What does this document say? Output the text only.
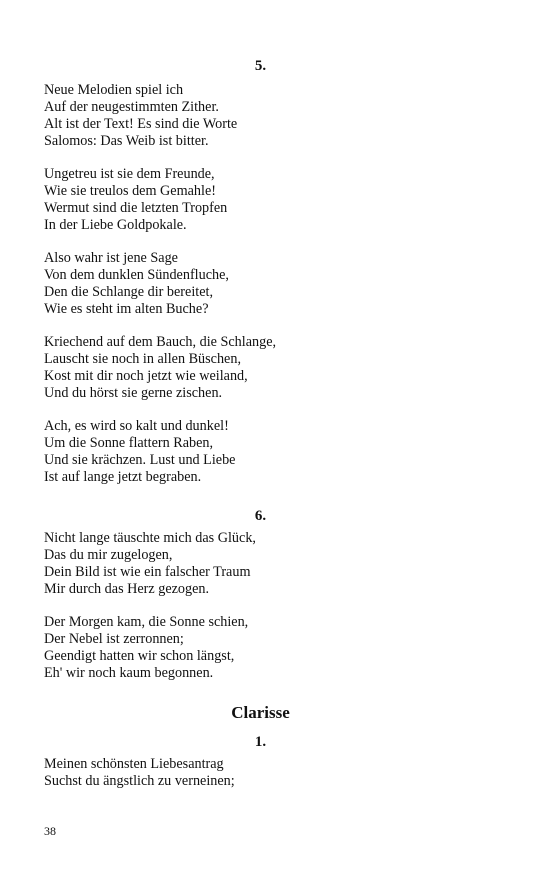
5.
Neue Melodien spiel ich
Auf der neugestimmten Zither.
Alt ist der Text! Es sind die Worte
Salomos: Das Weib ist bitter.
Ungetreu ist sie dem Freunde,
Wie sie treulos dem Gemahle!
Wermut sind die letzten Tropfen
In der Liebe Goldpokale.
Also wahr ist jene Sage
Von dem dunklen Sündenfluche,
Den die Schlange dir bereitet,
Wie es steht im alten Buche?
Kriechend auf dem Bauch, die Schlange,
Lauscht sie noch in allen Büschen,
Kost mit dir noch jetzt wie weiland,
Und du hörst sie gerne zischen.
Ach, es wird so kalt und dunkel!
Um die Sonne flattern Raben,
Und sie krächzen. Lust und Liebe
Ist auf lange jetzt begraben.
6.
Nicht lange täuschte mich das Glück,
Das du mir zugelogen,
Dein Bild ist wie ein falscher Traum
Mir durch das Herz gezogen.
Der Morgen kam, die Sonne schien,
Der Nebel ist zerronnen;
Geendigt hatten wir schon längst,
Eh' wir noch kaum begonnen.
Clarisse
1.
Meinen schönsten Liebesantrag
Suchst du ängstlich zu verneinen;
38
